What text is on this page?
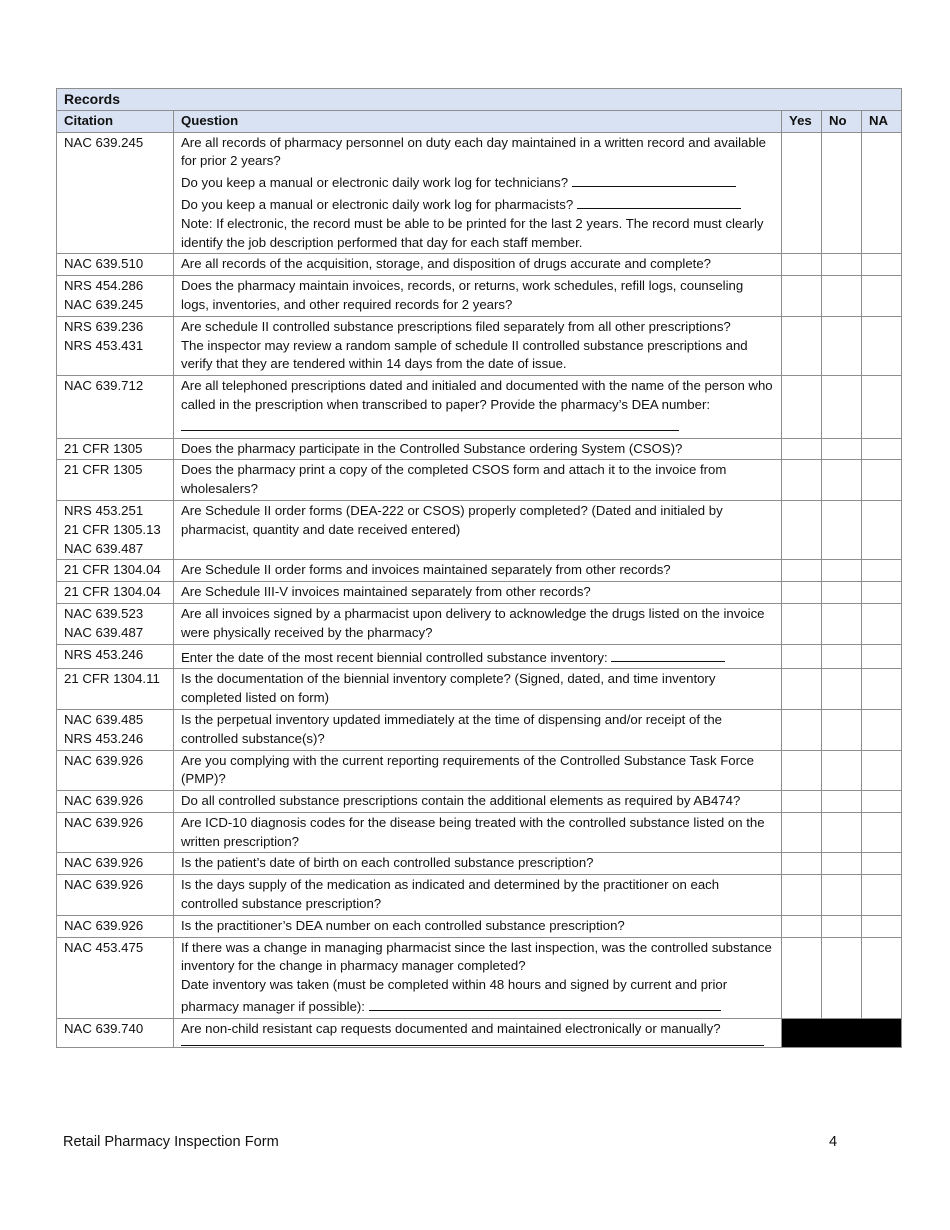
Records				
Citation	Question	Yes	No	NA

NAC 639.245	Are all records of pharmacy personnel on duty each day maintained in a written record and available for prior 2 years?
Do you keep a manual or electronic daily work log for technicians?
Do you keep a manual or electronic daily work log for pharmacists?
Note: If electronic, the record must be able to be printed for the last 2 years. The record must clearly identify the job description performed that day for each staff member.			

NAC 639.510	Are all records of the acquisition, storage, and disposition of drugs accurate and complete?			

NRS 454.286
NAC 639.245	Does the pharmacy maintain invoices, records, or returns, work schedules, refill logs, counseling logs, inventories, and other required records for 2 years?			

NRS 639.236
NRS 453.431	Are schedule II controlled substance prescriptions filed separately from all other prescriptions?
The inspector may review a random sample of schedule II controlled substance prescriptions and verify that they are tendered within 14 days from the date of issue.			

NAC 639.712	Are all telephoned prescriptions dated and initialed and documented with the name of the person who called in the prescription when transcribed to paper? Provide the pharmacy’s DEA number:			

21 CFR 1305	Does the pharmacy participate in the Controlled Substance ordering System (CSOS)?			

21 CFR 1305	Does the pharmacy print a copy of the completed CSOS form and attach it to the invoice from wholesalers?			

NRS 453.251
21 CFR 1305.13
NAC 639.487	Are Schedule II order forms (DEA-222 or CSOS) properly completed? (Dated and initialed by pharmacist, quantity and date received entered)			

21 CFR 1304.04	Are Schedule II order forms and invoices maintained separately from other records?			

21 CFR 1304.04	Are Schedule III-V invoices maintained separately from other records?			

NAC 639.523
NAC 639.487	Are all invoices signed by a pharmacist upon delivery to acknowledge the drugs listed on the invoice were physically received by the pharmacy?			

NRS 453.246	Enter the date of the most recent biennial controlled substance inventory:			

21 CFR 1304.11	Is the documentation of the biennial inventory complete? (Signed, dated, and time inventory completed listed on form)			

NAC 639.485
NRS 453.246	Is the perpetual inventory updated immediately at the time of dispensing and/or receipt of the controlled substance(s)?			

NAC 639.926	Are you complying with the current reporting requirements of the Controlled Substance Task Force (PMP)?			

NAC 639.926	Do all controlled substance prescriptions contain the additional elements as required by AB474?			

NAC 639.926	Are ICD-10 diagnosis codes for the disease being treated with the controlled substance listed on the written prescription?			

NAC 639.926	Is the patient’s date of birth on each controlled substance prescription?			

NAC 639.926	Is the days supply of the medication as indicated and determined by the practitioner on each controlled substance prescription?			

NAC 639.926	Is the practitioner’s DEA number on each controlled substance prescription?			

NAC 453.475	If there was a change in managing pharmacist since the last inspection, was the controlled substance inventory for the change in pharmacy manager completed?
Date inventory was taken (must be completed within 48 hours and signed by current and prior pharmacy manager if possible):			

NAC 639.740	Are non-child resistant cap requests documented and maintained electronically or manually?			

Retail Pharmacy Inspection Form	4
